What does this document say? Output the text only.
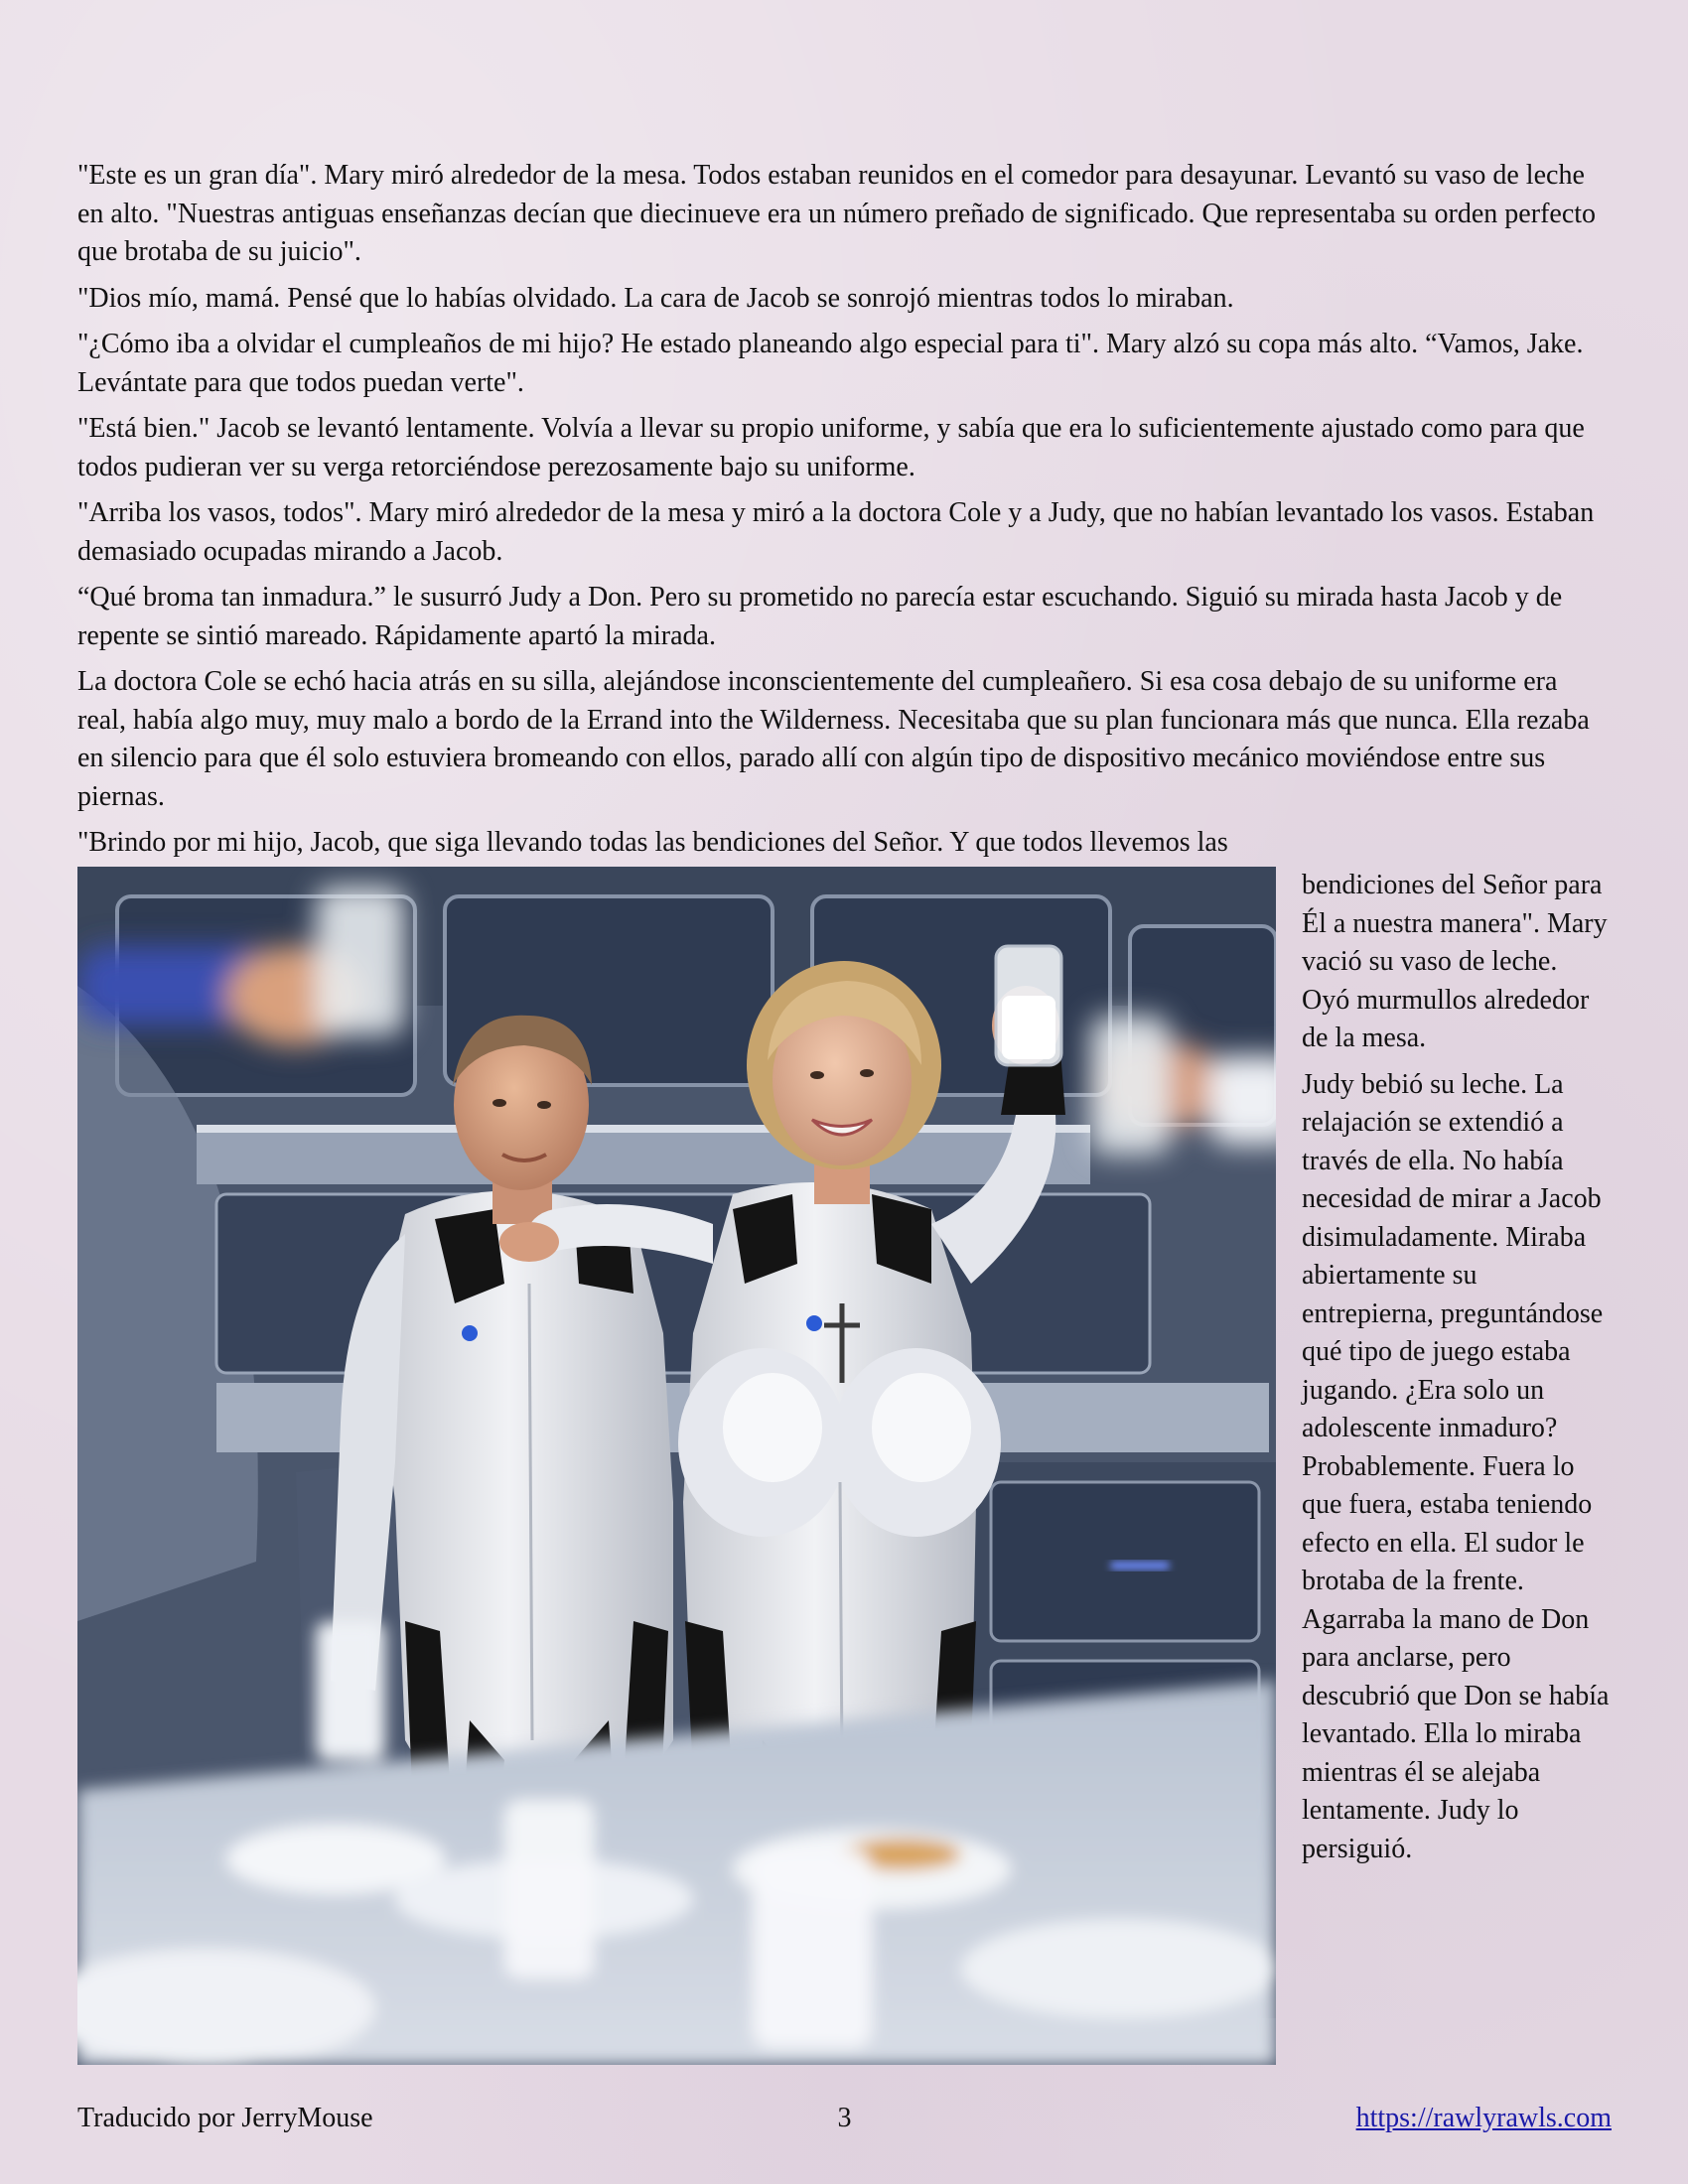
"Este es un gran día". Mary miró alrededor de la mesa. Todos estaban reunidos en el comedor para desayunar. Levantó su vaso de leche en alto. "Nuestras antiguas enseñanzas decían que diecinueve era un número preñado de significado. Que representaba su orden perfecto que brotaba de su juicio".

"Dios mío, mamá. Pensé que lo habías olvidado. La cara de Jacob se sonrojó mientras todos lo miraban.

"¿Cómo iba a olvidar el cumpleaños de mi hijo? He estado planeando algo especial para ti". Mary alzó su copa más alto. “Vamos, Jake. Levántate para que todos puedan verte".

"Está bien." Jacob se levantó lentamente. Volvía a llevar su propio uniforme, y sabía que era lo suficientemente ajustado como para que todos pudieran ver su verga retorciéndose perezosamente bajo su uniforme.

"Arriba los vasos, todos". Mary miró alrededor de la mesa y miró a la doctora Cole y a Judy, que no habían levantado los vasos. Estaban demasiado ocupadas mirando a Jacob.

“Qué broma tan inmadura.” le susurró Judy a Don. Pero su prometido no parecía estar escuchando. Siguió su mirada hasta Jacob y de repente se sintió mareado. Rápidamente apartó la mirada.

La doctora Cole se echó hacia atrás en su silla, alejándose inconscientemente del cumpleañero. Si esa cosa debajo de su uniforme era real, había algo muy, muy malo a bordo de la Errand into the Wilderness. Necesitaba que su plan funcionara más que nunca. Ella rezaba en silencio para que él solo estuviera bromeando con ellos, parado allí con algún tipo de dispositivo mecánico moviéndose entre sus piernas.

"Brindo por mi hijo, Jacob, que siga llevando todas las bendiciones del Señor. Y que todos llevemos las

bendiciones del Señor para Él a nuestra manera". Mary vació su vaso de leche. Oyó murmullos alrededor de la mesa.

Judy bebió su leche. La relajación se extendió a través de ella. No había necesidad de mirar a Jacob disimuladamente. Miraba abiertamente su entrepierna, preguntándose qué tipo de juego estaba jugando. ¿Era solo un adolescente inmaduro? Probablemente. Fuera lo que fuera, estaba teniendo efecto en ella. El sudor le brotaba de la frente. Agarraba la mano de Don para anclarse, pero descubrió que Don se había levantado. Ella lo miraba mientras él se alejaba lentamente. Judy lo persiguió.

Traducido por JerryMouse	3	https://rawlyrawls.com
